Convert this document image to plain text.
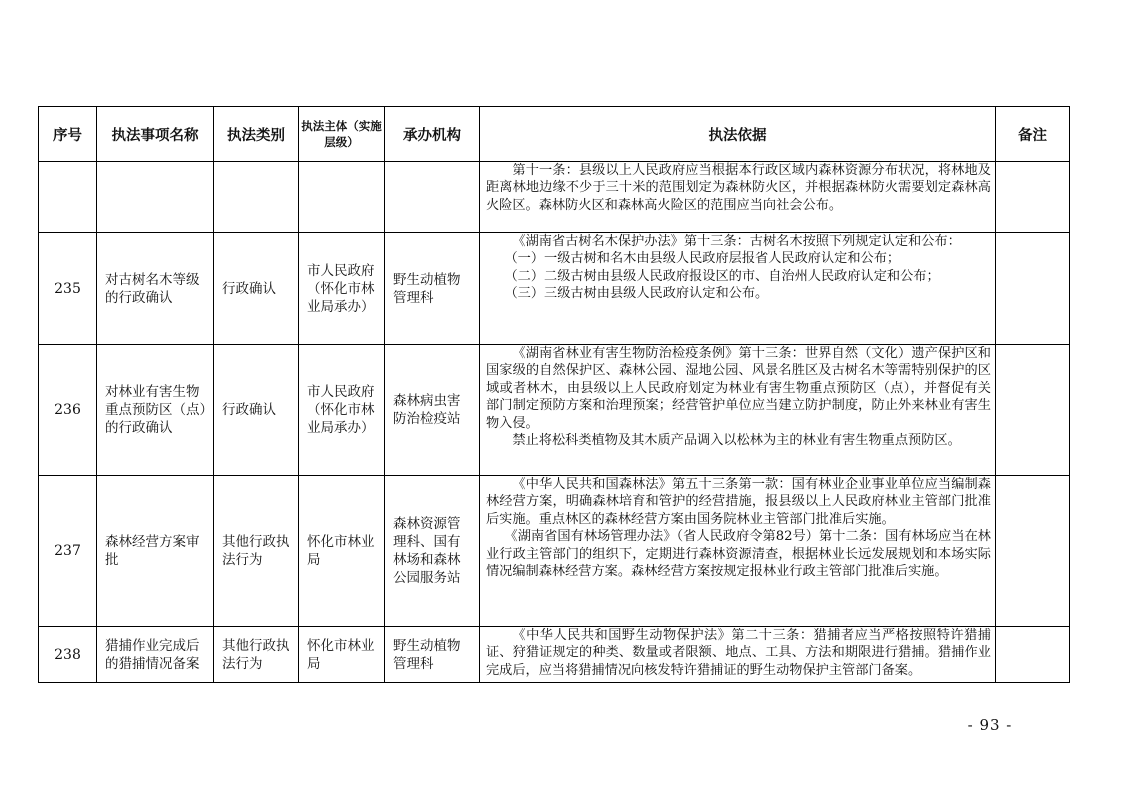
序号	执法事项名称	执法类别	执法主体（实施层级）	承办机构	执法依据	备注

					第十一条：县级以上人民政府应当根据本行政区域内森林资源分布状况，将林地及距离林地边缘不少于三十米的范围划定为森林防火区，并根据森林防火需要划定森林高火险区。森林防火区和森林高火险区的范围应当向社会公布。	

235	对古树名木等级的行政确认	行政确认	市人民政府（怀化市林业局承办）	野生动植物管理科	《湖南省古树名木保护办法》第十三条：古树名木按照下列规定认定和公布：

（一）一级古树和名木由县级人民政府层报省人民政府认定和公布；

（二）二级古树由县级人民政府报设区的市、自治州人民政府认定和公布；

（三）三级古树由县级人民政府认定和公布。	

236	对林业有害生物重点预防区（点）的行政确认	行政确认	市人民政府（怀化市林业局承办）	森林病虫害防治检疫站	《湖南省林业有害生物防治检疫条例》第十三条：世界自然（文化）遗产保护区和国家级的自然保护区、森林公园、湿地公园、风景名胜区及古树名木等需特别保护的区域或者林木，由县级以上人民政府划定为林业有害生物重点预防区（点），并督促有关部门制定预防方案和治理预案；经营管护单位应当建立防护制度，防止外来林业有害生物入侵。

禁止将松科类植物及其木质产品调入以松林为主的林业有害生物重点预防区。	

237	森林经营方案审批	其他行政执法行为	怀化市林业局	森林资源管理科、国有林场和森林公园服务站	《中华人民共和国森林法》第五十三条第一款：国有林业企业事业单位应当编制森林经营方案，明确森林培育和管护的经营措施，报县级以上人民政府林业主管部门批准后实施。重点林区的森林经营方案由国务院林业主管部门批准后实施。

《湖南省国有林场管理办法》（省人民政府令第82号）第十二条：国有林场应当在林业行政主管部门的组织下，定期进行森林资源清查，根据林业长远发展规划和本场实际情况编制森林经营方案。森林经营方案按规定报林业行政主管部门批准后实施。	

238	猎捕作业完成后的猎捕情况备案	其他行政执法行为	怀化市林业局	野生动植物管理科	《中华人民共和国野生动物保护法》第二十三条：猎捕者应当严格按照特许猎捕证、狩猎证规定的种类、数量或者限额、地点、工具、方法和期限进行猎捕。猎捕作业完成后，应当将猎捕情况向核发特许猎捕证的野生动物保护主管部门备案。	

- 93 -
